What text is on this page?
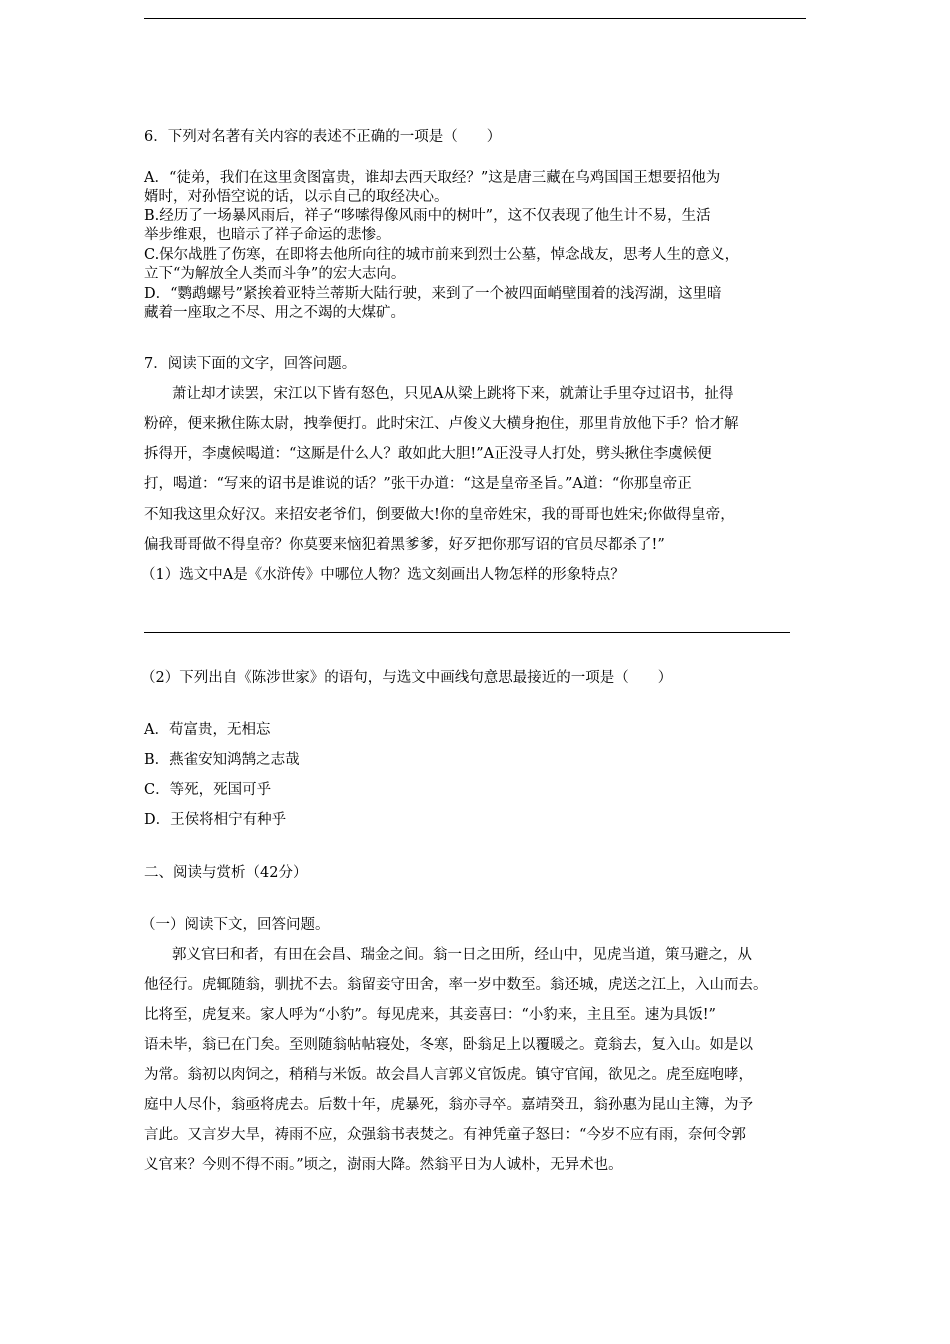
6．下列对名著有关内容的表述不正确的一项是（　　）
A．“徒弟，我们在这里贪图富贵，谁却去西天取经？”这是唐三藏在乌鸡国国王想要招他为
婿时，对孙悟空说的话，以示自己的取经决心。
B.经历了一场暴风雨后，祥子“哆嗦得像风雨中的树叶”，这不仅表现了他生计不易，生活
举步维艰，也暗示了祥子命运的悲惨。
C.保尔战胜了伤寒，在即将去他所向往的城市前来到烈士公墓，悼念战友，思考人生的意义，
立下“为解放全人类而斗争”的宏大志向。
D．“鹦鹉螺号”紧挨着亚特兰蒂斯大陆行驶，来到了一个被四面峭壁围着的浅泻湖，这里暗
藏着一座取之不尽、用之不竭的大煤矿。
7．阅读下面的文字，回答问题。
萧让却才读罢，宋江以下皆有怒色，只见A从梁上跳将下来，就萧让手里夺过诏书，扯得
粉碎，便来揪住陈太尉，拽拳便打。此时宋江、卢俊义大横身抱住，那里肯放他下手？恰才解
拆得开，李虞候喝道：“这厮是什么人？敢如此大胆!”A正没寻人打处，劈头揪住李虞候便
打，喝道：“写来的诏书是谁说的话？”张干办道：“这是皇帝圣旨。”A道：“你那皇帝正
不知我这里众好汉。来招安老爷们，倒要做大!你的皇帝姓宋，我的哥哥也姓宋;你做得皇帝，
偏我哥哥做不得皇帝？你莫要来恼犯着黑爹爹，好歹把你那写诏的官员尽都杀了!”
（1）选文中A是《水浒传》中哪位人物？选文刻画出人物怎样的形象特点？
（2）下列出自《陈涉世家》的语句，与选文中画线句意思最接近的一项是（　　）
A．苟富贵，无相忘
B．燕雀安知鸿鹄之志哉
C．等死，死国可乎
D．王侯将相宁有种乎
二、阅读与赏析（42分）
（一）阅读下文，回答问题。
郭义官曰和者，有田在会昌、瑞金之间。翁一日之田所，经山中，见虎当道，策马避之，从
他径行。虎辄随翁，驯扰不去。翁留妾守田舍，率一岁中数至。翁还城，虎送之江上，入山而去。
比将至，虎复来。家人呼为“小豹”。每见虎来，其妾喜曰：“小豹来，主且至。速为具饭!”
语未毕，翁已在门矣。至则随翁帖帖寝处，冬寒，卧翁足上以覆暖之。竟翁去，复入山。如是以
为常。翁初以肉饲之，稍稍与米饭。故会昌人言郭义官饭虎。镇守官闻，欲见之。虎至庭咆哮，
庭中人尽仆，翁亟将虎去。后数十年，虎暴死，翁亦寻卒。嘉靖癸丑，翁孙惠为昆山主簿，为予
言此。又言岁大旱，祷雨不应，众强翁书表焚之。有神凭童子怒曰：“今岁不应有雨，奈何令郭
义官来？今则不得不雨。”顷之，澍雨大降。然翁平日为人诚朴，无异术也。
